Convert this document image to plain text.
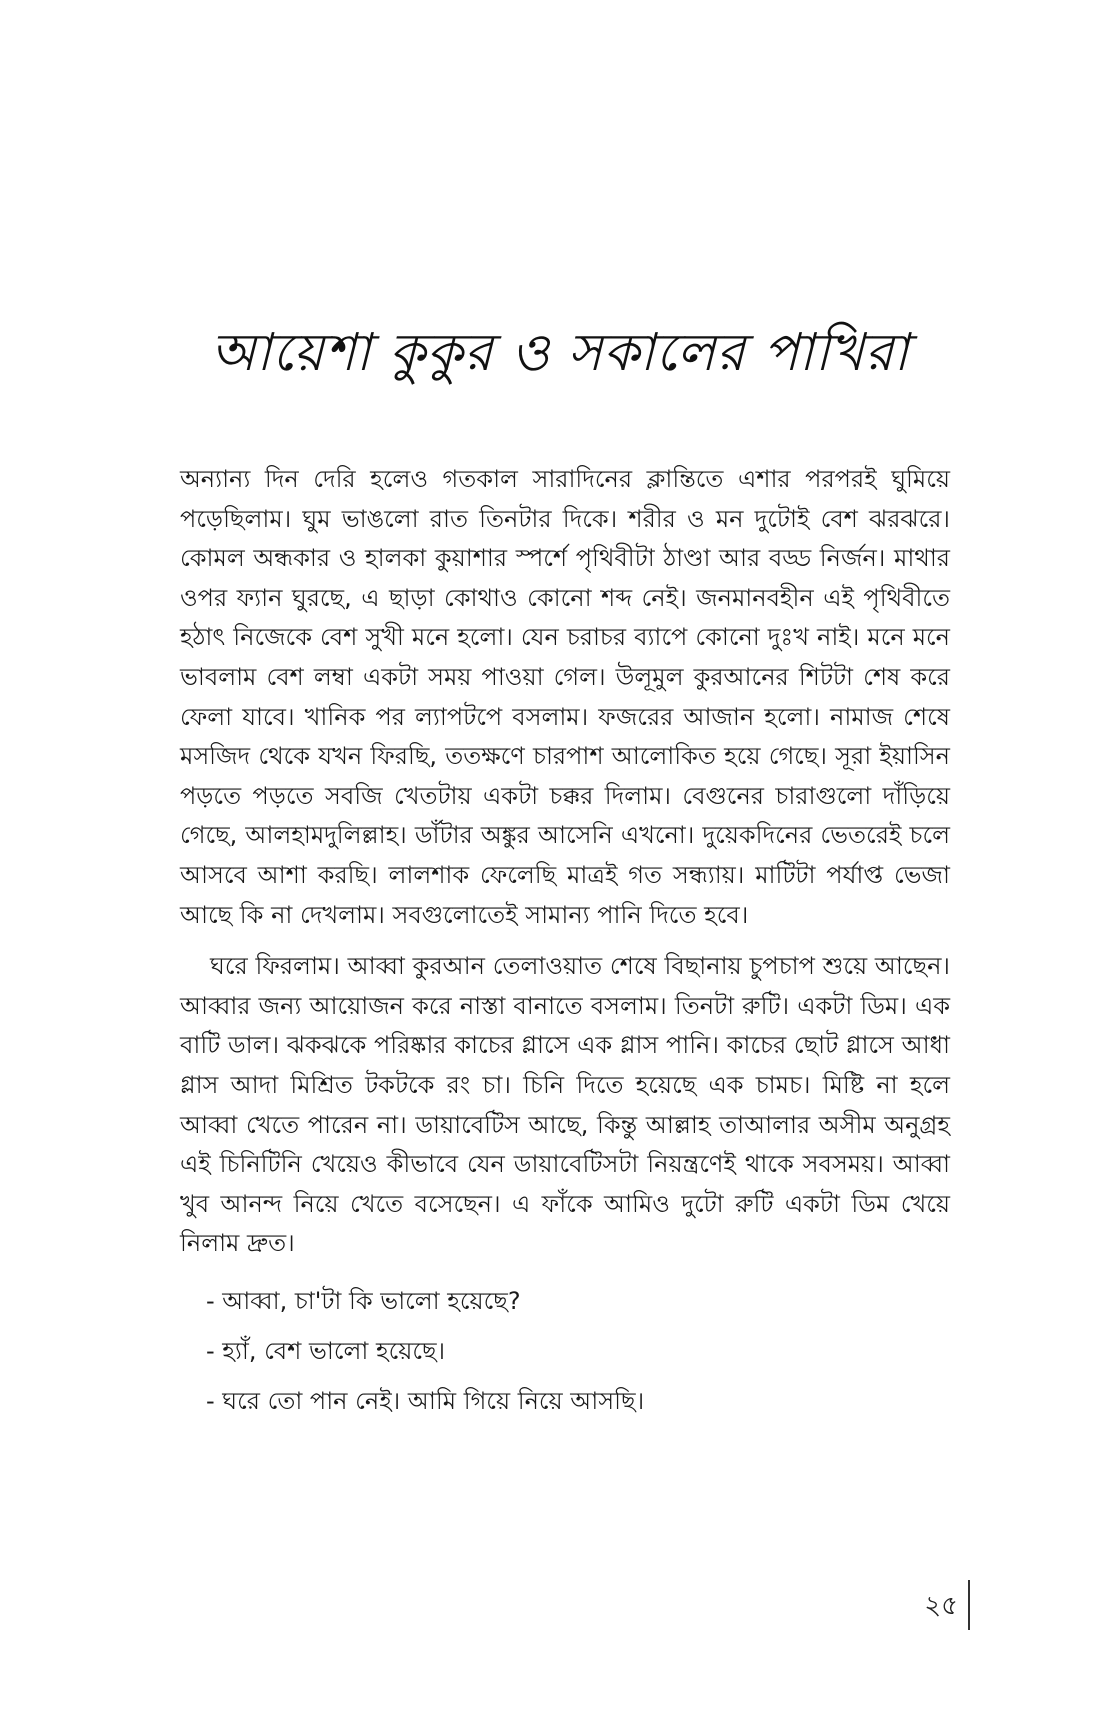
আয়েশা কুকুর ও সকালের পাখিরা

অন্যান্য দিন দেরি হলেও গতকাল সারাদিনের ক্লান্তিতে এশার পরপরই ঘুমিয়ে পড়েছিলাম। ঘুম ভাঙলো রাত তিনটার দিকে। শরীর ও মন দুটোই বেশ ঝরঝরে। কোমল অন্ধকার ও হালকা কুয়াশার স্পর্শে পৃথিবীটা ঠাণ্ডা আর বড্ড নির্জন। মাথার ওপর ফ্যান ঘুরছে, এ ছাড়া কোথাও কোনো শব্দ নেই। জনমানবহীন এই পৃথিবীতে হঠাৎ নিজেকে বেশ সুখী মনে হলো। যেন চরাচর ব্যাপে কোনো দুঃখ নাই। মনে মনে ভাবলাম বেশ লম্বা একটা সময় পাওয়া গেল। উলূমুল কুরআনের শিটটা শেষ করে ফেলা যাবে। খানিক পর ল্যাপটপে বসলাম। ফজরের আজান হলো। নামাজ শেষে মসজিদ থেকে যখন ফিরছি, ততক্ষণে চারপাশ আলোকিত হয়ে গেছে। সূরা ইয়াসিন পড়তে পড়তে সবজি খেতটায় একটা চক্কর দিলাম। বেগুনের চারাগুলো দাঁড়িয়ে গেছে, আলহামদুলিল্লাহ। ডাঁটার অঙ্কুর আসেনি এখনো। দুয়েকদিনের ভেতরেই চলে আসবে আশা করছি। লালশাক ফেলেছি মাত্রই গত সন্ধ্যায়। মাটিটা পর্যাপ্ত ভেজা আছে কি না দেখলাম। সবগুলোতেই সামান্য পানি দিতে হবে।

ঘরে ফিরলাম। আব্বা কুরআন তেলাওয়াত শেষে বিছানায় চুপচাপ শুয়ে আছেন। আব্বার জন্য আয়োজন করে নাস্তা বানাতে বসলাম। তিনটা রুটি। একটা ডিম। এক বাটি ডাল। ঝকঝকে পরিষ্কার কাচের গ্লাসে এক গ্লাস পানি। কাচের ছোট গ্লাসে আধা গ্লাস আদা মিশ্রিত টকটকে রং চা। চিনি দিতে হয়েছে এক চামচ। মিষ্টি না হলে আব্বা খেতে পারেন না। ডায়াবেটিস আছে, কিন্তু আল্লাহ তাআলার অসীম অনুগ্রহ এই চিনিটিনি খেয়েও কীভাবে যেন ডায়াবেটিসটা নিয়ন্ত্রণেই থাকে সবসময়। আব্বা খুব আনন্দ নিয়ে খেতে বসেছেন। এ ফাঁকে আমিও দুটো রুটি একটা ডিম খেয়ে নিলাম দ্রুত।

- আব্বা, চা'টা কি ভালো হয়েছে?

- হ্যাঁ, বেশ ভালো হয়েছে।

- ঘরে তো পান নেই। আমি গিয়ে নিয়ে আসছি।

২৫
